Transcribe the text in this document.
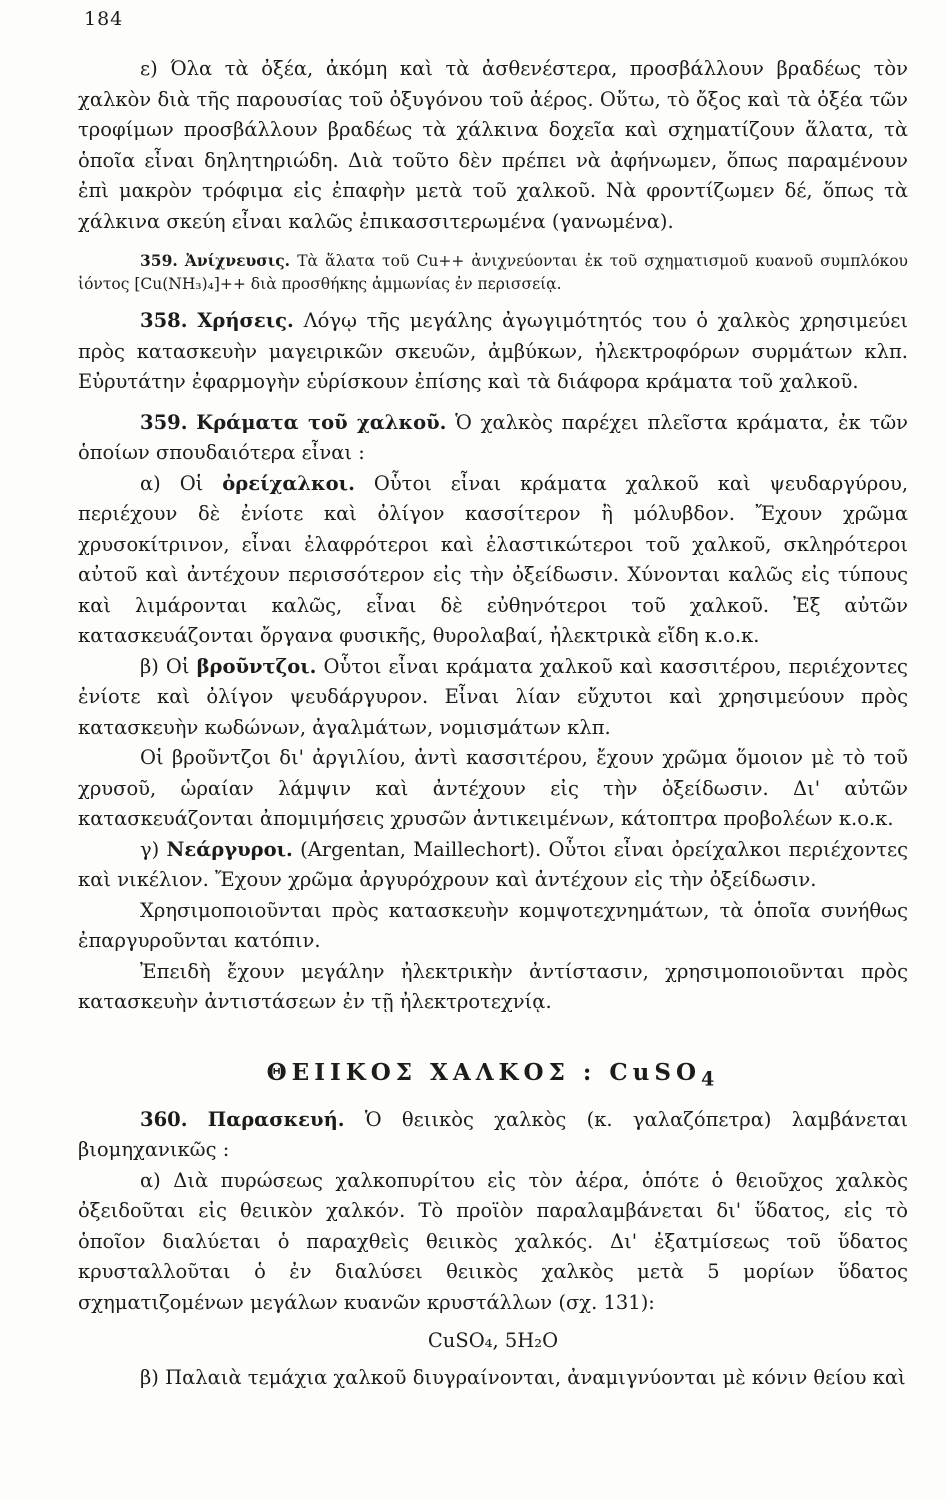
184

ε) Όλα τὰ ὀξέα, ἀκόμη καὶ τὰ ἀσθενέστερα, προσβάλλουν βραδέως τὸν χαλκὸν διὰ τῆς παρουσίας τοῦ ὀξυγόνου τοῦ ἀέρος. Οὕτω, τὸ ὄξος καὶ τὰ ὀξέα τῶν τροφίμων προσβάλλουν βραδέως τὰ χάλκινα δοχεῖα καὶ σχηματίζουν ἅλατα, τὰ ὁποῖα εἶναι δηλητηριώδη. Διὰ τοῦτο δὲν πρέπει νὰ ἀφήνωμεν, ὅπως παραμένουν ἐπὶ μακρὸν τρόφιμα εἰς ἐπαφὴν μετὰ τοῦ χαλκοῦ. Νὰ φροντίζωμεν δέ, ὅπως τὰ χάλκινα σκεύη εἶναι καλῶς ἐπικασσιτερωμένα (γανωμένα).

359. Ἀνίχνευσις. Τὰ ἅλατα τοῦ Cu++ ἀνιχνεύονται ἐκ τοῦ σχηματισμοῦ κυανοῦ συμπλόκου ἰόντος [Cu(NH₃)₄]++ διὰ προσθήκης ἀμμωνίας ἐν περισσείᾳ.

358. Χρήσεις. Λόγῳ τῆς μεγάλης ἀγωγιμότητός του ὁ χαλκὸς χρησιμεύει πρὸς κατασκευὴν μαγειρικῶν σκευῶν, ἀμβύκων, ἠλεκτροφόρων συρμάτων κλπ. Εὐρυτάτην ἐφαρμογὴν εὑρίσκουν ἐπίσης καὶ τὰ διάφορα κράματα τοῦ χαλκοῦ.

359. Κράματα τοῦ χαλκοῦ. Ὁ χαλκὸς παρέχει πλεῖστα κράματα, ἐκ τῶν ὁποίων σπουδαιότερα εἶναι :

α) Οἱ ὀρείχαλκοι. Οὗτοι εἶναι κράματα χαλκοῦ καὶ ψευδαργύρου, περιέχουν δὲ ἐνίοτε καὶ ὀλίγον κασσίτερον ἢ μόλυβδον. Ἔχουν χρῶμα χρυσοκίτρινον, εἶναι ἐλαφρότεροι καὶ ἐλαστικώτεροι τοῦ χαλκοῦ, σκληρότεροι αὐτοῦ καὶ ἀντέχουν περισσότερον εἰς τὴν ὀξείδωσιν. Χύνονται καλῶς εἰς τύπους καὶ λιμάρονται καλῶς, εἶναι δὲ εὐθηνότεροι τοῦ χαλκοῦ. Ἐξ αὐτῶν κατασκευάζονται ὄργανα φυσικῆς, θυρολαβαί, ἠλεκτρικὰ εἴδη κ.ο.κ.

β) Οἱ βροῦντζοι. Οὗτοι εἶναι κράματα χαλκοῦ καὶ κασσιτέρου, περιέχοντες ἐνίοτε καὶ ὀλίγον ψευδάργυρον. Εἶναι λίαν εὔχυτοι καὶ χρησιμεύουν πρὸς κατασκευὴν κωδώνων, ἀγαλμάτων, νομισμάτων κλπ.

Οἱ βροῦντζοι δι' ἀργιλίου, ἀντὶ κασσιτέρου, ἔχουν χρῶμα ὅμοιον μὲ τὸ τοῦ χρυσοῦ, ὡραίαν λάμψιν καὶ ἀντέχουν εἰς τὴν ὀξείδωσιν. Δι' αὐτῶν κατασκευάζονται ἀπομιμήσεις χρυσῶν ἀντικειμένων, κάτοπτρα προβολέων κ.ο.κ.

γ) Νεάργυροι. (Argentan, Maillechort). Οὗτοι εἶναι ὀρείχαλκοι περιέχοντες καὶ νικέλιον. Ἔχουν χρῶμα ἀργυρόχρουν καὶ ἀντέχουν εἰς τὴν ὀξείδωσιν.

Χρησιμοποιοῦνται πρὸς κατασκευὴν κομψοτεχνημάτων, τὰ ὁποῖα συνήθως ἐπαργυροῦνται κατόπιν.

Ἐπειδὴ ἔχουν μεγάλην ἠλεκτρικὴν ἀντίστασιν, χρησιμοποιοῦνται πρὸς κατασκευὴν ἀντιστάσεων ἐν τῇ ἠλεκτροτεχνίᾳ.

ΘΕΙΙΚΟΣ ΧΑΛΚΟΣ : CuSO$_4$

360. Παρασκευή. Ὁ θειικὸς χαλκὸς (κ. γαλαζόπετρα) λαμβάνεται βιομηχανικῶς :

α) Διὰ πυρώσεως χαλκοπυρίτου εἰς τὸν ἀέρα, ὁπότε ὁ θειοῦχος χαλκὸς ὀξειδοῦται εἰς θειικὸν χαλκόν. Τὸ προϊὸν παραλαμβάνεται δι' ὕδατος, εἰς τὸ ὁποῖον διαλύεται ὁ παραχθεὶς θειικὸς χαλκός. Δι' ἐξατμίσεως τοῦ ὕδατος κρυσταλλοῦται ὁ ἐν διαλύσει θειικὸς χαλκὸς μετὰ 5 μορίων ὕδατος σχηματιζομένων μεγάλων κυανῶν κρυστάλλων (σχ. 131):

CuSO₄, 5H₂O

β) Παλαιὰ τεμάχια χαλκοῦ διυγραίνονται, ἀναμιγνύονται μὲ κόνιν θείου καὶ
